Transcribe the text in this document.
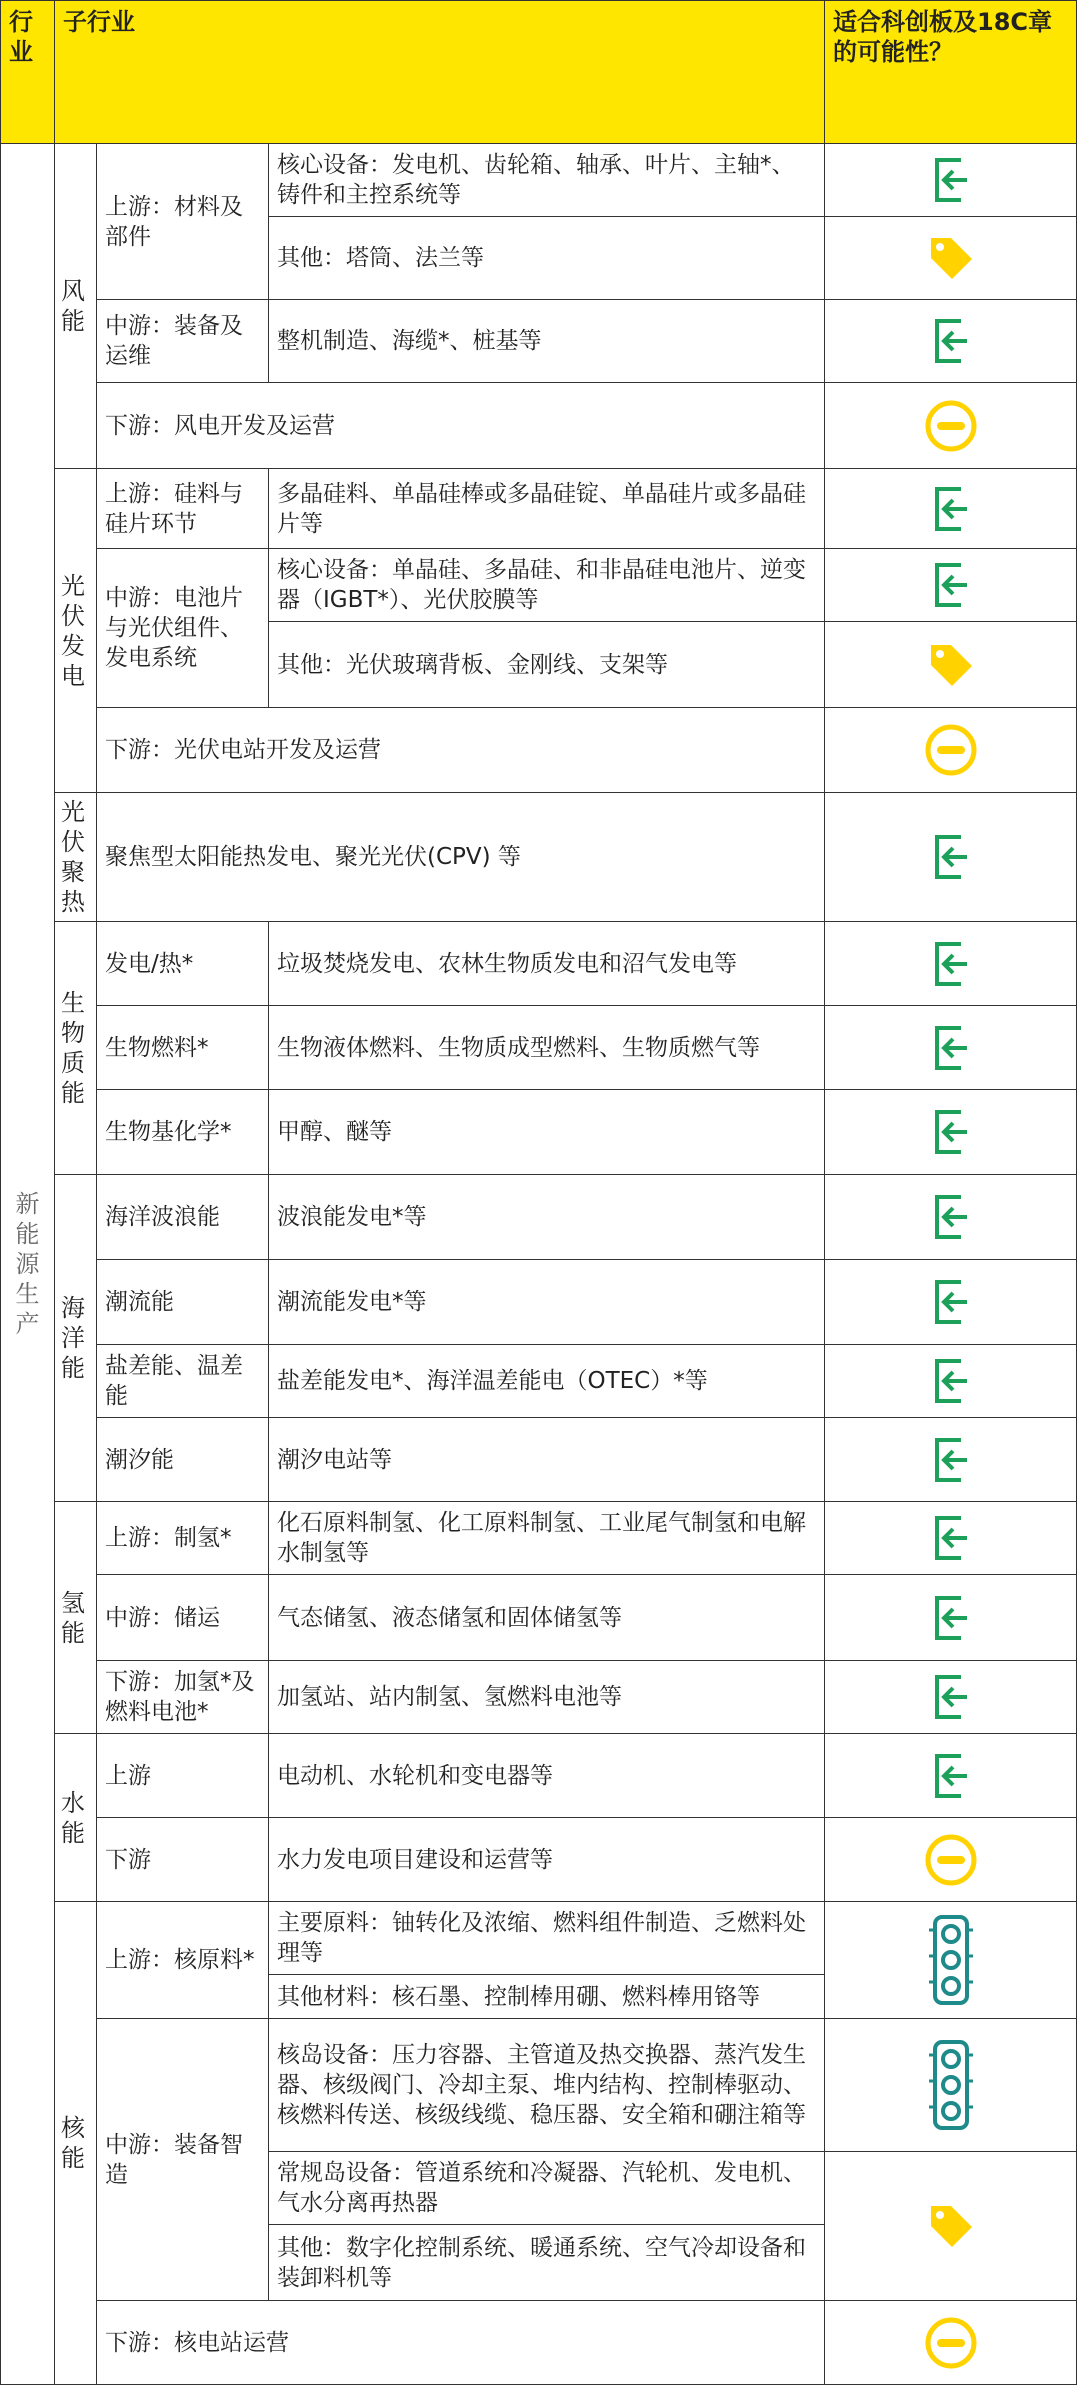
行业	子行业			适合科创板及18C章的可能性？
新能源生产	风能	上游：材料及部件	核心设备：发电机、齿轮箱、轴承、叶片、主轴*、铸件和主控系统等	

			其他：塔筒、法兰等	

		中游：装备及运维	整机制造、海缆*、桩基等	

		下游：风电开发及运营	

	光伏发电	上游：硅料与硅片环节	多晶硅料、单晶硅棒或多晶硅锭、单晶硅片或多晶硅片等	

		中游：电池片与光伏组件、发电系统	核心设备：单晶硅、多晶硅、和非晶硅电池片、逆变器（IGBT*）、光伏胶膜等	

			其他：光伏玻璃背板、金刚线、支架等	

		下游：光伏电站开发及运营	

	光伏聚热	聚焦型太阳能热发电、聚光光伏(CPV) 等	

	生物质能	发电/热*	垃圾焚烧发电、农林生物质发电和沼气发电等	

		生物燃料*	生物液体燃料、生物质成型燃料、生物质燃气等	

		生物基化学*	甲醇、醚等	

	海洋能	海洋波浪能	波浪能发电*等	

		潮流能	潮流能发电*等	

		盐差能、温差能	盐差能发电*、海洋温差能电（OTEC）*等	

		潮汐能	潮汐电站等	

	氢能	上游：制氢*	化石原料制氢、化工原料制氢、工业尾气制氢和电解水制氢等	

		中游：储运	气态储氢、液态储氢和固体储氢等	

		下游：加氢*及燃料电池*	加氢站、站内制氢、氢燃料电池等	

	水能	上游	电动机、水轮机和变电器等	

		下游	水力发电项目建设和运营等	

	核能	上游：核原料*	主要原料：铀转化及浓缩、燃料组件制造、乏燃料处理等	

			其他材料：核石墨、控制棒用硼、燃料棒用铬等	
		中游：装备智造	核岛设备：压力容器、主管道及热交换器、蒸汽发生器、核级阀门、冷却主泵、堆内结构、控制棒驱动、核燃料传送、核级线缆、稳压器、安全箱和硼注箱等	

			常规岛设备：管道系统和冷凝器、汽轮机、发电机、气水分离再热器	

			其他：数字化控制系统、暖通系统、空气冷却设备和装卸料机等	
		下游：核电站运营	
